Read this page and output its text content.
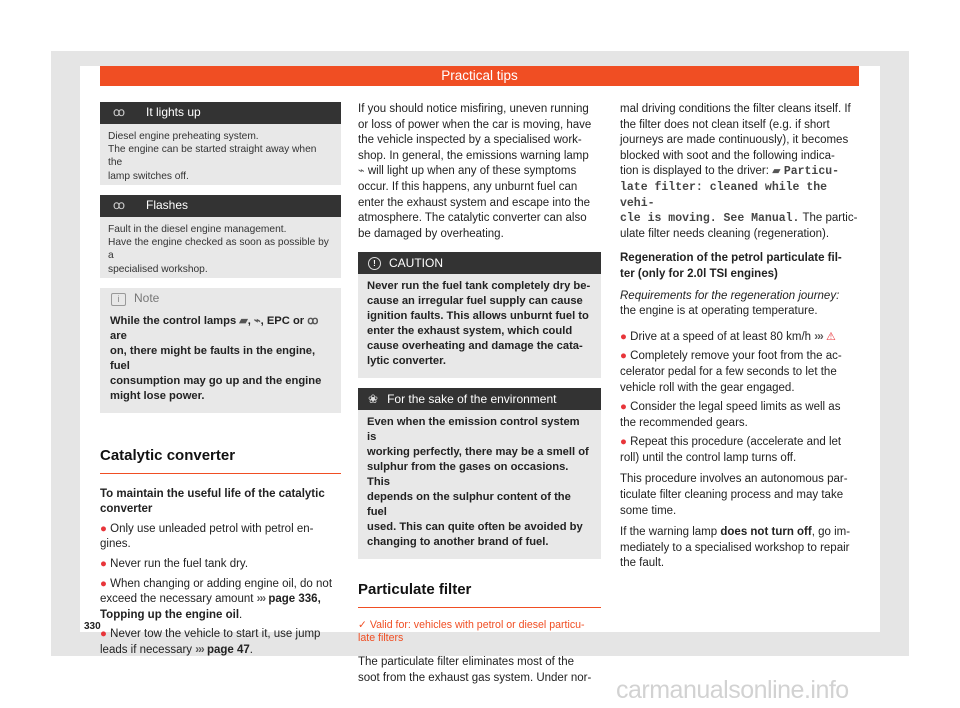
Practical tips
ꝏ It lights up
Diesel engine preheating system.
The engine can be started straight away when the
lamp switches off.
ꝏ Flashes
Fault in the diesel engine management.
Have the engine checked as soon as possible by a
specialised workshop.
i	Note
While the control lamps ▰, ⌁, EPC or ꝏ are
on, there might be faults in the engine, fuel
consumption may go up and the engine
might lose power.
Catalytic converter
To maintain the useful life of the catalytic
converter
● Only use unleaded petrol with petrol en-
gines.
● Never run the fuel tank dry.
● When changing or adding engine oil, do not
exceed the necessary amount ››› page 336,
Topping up the engine oil.
● Never tow the vehicle to start it, use jump
leads if necessary ››› page 47.
If you should notice misfiring, uneven running
or loss of power when the car is moving, have
the vehicle inspected by a specialised work-
shop. In general, the emissions warning lamp
⌁ will light up when any of these symptoms
occur. If this happens, any unburnt fuel can
enter the exhaust system and escape into the
atmosphere. The catalytic converter can also
be damaged by overheating.
!	CAUTION
Never run the fuel tank completely dry be-
cause an irregular fuel supply can cause
ignition faults. This allows unburnt fuel to
enter the exhaust system, which could
cause overheating and damage the cata-
lytic converter.
❀ For the sake of the environment
Even when the emission control system is
working perfectly, there may be a smell of
sulphur from the gases on occasions. This
depends on the sulphur content of the fuel
used. This can quite often be avoided by
changing to another brand of fuel.
Particulate filter
✓ Valid for: vehicles with petrol or diesel particu-
late filters
The particulate filter eliminates most of the
soot from the exhaust gas system. Under nor-
mal driving conditions the filter cleans itself. If
the filter does not clean itself (e.g. if short
journeys are made continuously), it becomes
blocked with soot and the following indica-
tion is displayed to the driver: ▰ Particu-
late filter: cleaned while the vehi-
cle is moving. See Manual. The partic-
ulate filter needs cleaning (regeneration).
Regeneration of the petrol particulate fil-
ter (only for 2.0l TSI engines)
Requirements for the regeneration journey:
the engine is at operating temperature.
● Drive at a speed of at least 80 km/h ››› ⚠
● Completely remove your foot from the ac-
celerator pedal for a few seconds to let the
vehicle roll with the gear engaged.
● Consider the legal speed limits as well as
the recommended gears.
● Repeat this procedure (accelerate and let
roll) until the control lamp turns off.
This procedure involves an autonomous par-
ticulate filter cleaning process and may take
some time.
If the warning lamp does not turn off, go im-
mediately to a specialised workshop to repair
the fault.
330
carmanualsonline.info
